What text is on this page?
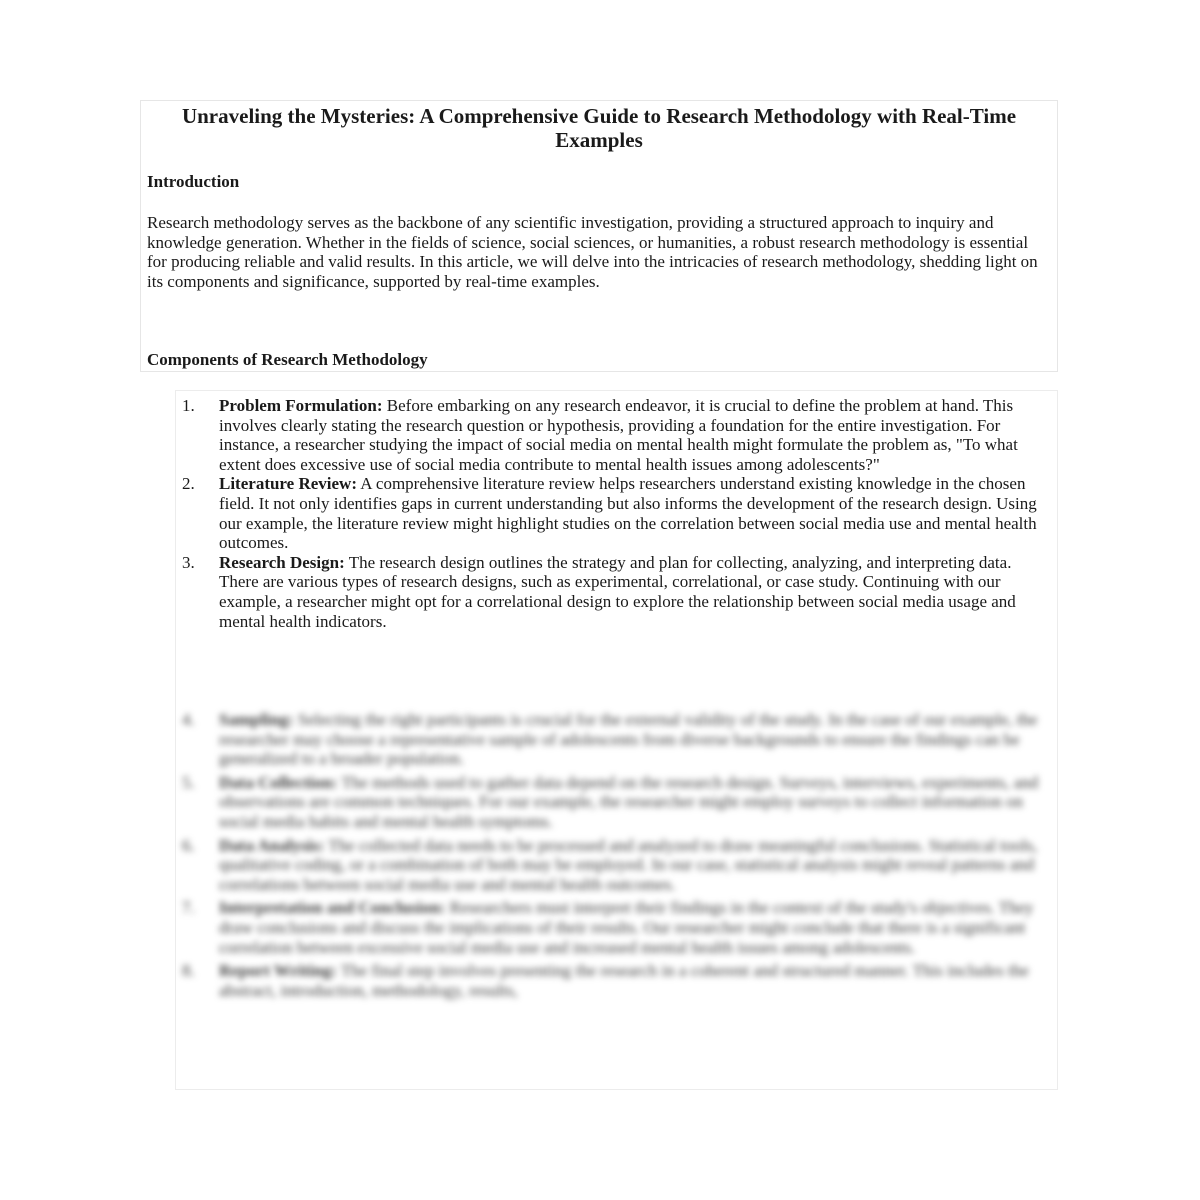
Unraveling the Mysteries: A Comprehensive Guide to Research Methodology with Real-Time Examples
Introduction

Research methodology serves as the backbone of any scientific investigation, providing a structured approach to inquiry and knowledge generation. Whether in the fields of science, social sciences, or humanities, a robust research methodology is essential for producing reliable and valid results. In this article, we will delve into the intricacies of research methodology, shedding light on its components and significance, supported by real-time examples.

Components of Research Methodology
1. Problem Formulation: Before embarking on any research endeavor, it is crucial to define the problem at hand. This involves clearly stating the research question or hypothesis, providing a foundation for the entire investigation. For instance, a researcher studying the impact of social media on mental health might formulate the problem as, "To what extent does excessive use of social media contribute to mental health issues among adolescents?"
2. Literature Review: A comprehensive literature review helps researchers understand existing knowledge in the chosen field. It not only identifies gaps in current understanding but also informs the development of the research design. Using our example, the literature review might highlight studies on the correlation between social media use and mental health outcomes.
3. Research Design: The research design outlines the strategy and plan for collecting, analyzing, and interpreting data. There are various types of research designs, such as experimental, correlational, or case study. Continuing with our example, a researcher might opt for a correlational design to explore the relationship between social media usage and mental health indicators.
4. Sampling: Selecting the right participants is crucial for the external validity of the study. In the case of our example, the researcher may choose a representative sample of adolescents from diverse backgrounds to ensure the findings can be generalized to a broader population.
5. Data Collection: The methods used to gather data depend on the research design. Surveys, interviews, experiments, and observations are common techniques. For our example, the researcher might employ surveys to collect information on social media habits and mental health symptoms.
6. Data Analysis: The collected data needs to be processed and analyzed to draw meaningful conclusions. Statistical tools, qualitative coding, or a combination of both may be employed. In our case, statistical analysis might reveal patterns and correlations between social media use and mental health outcomes.
7. Interpretation and Conclusion: Researchers must interpret their findings in the context of the study's objectives. They draw conclusions and discuss the implications of their results. Our researcher might conclude that there is a significant correlation between excessive social media use and increased mental health issues among adolescents.
8. Report Writing: The final step involves presenting the research in a coherent and structured manner. This includes the abstract, introduction, methodology, results,
